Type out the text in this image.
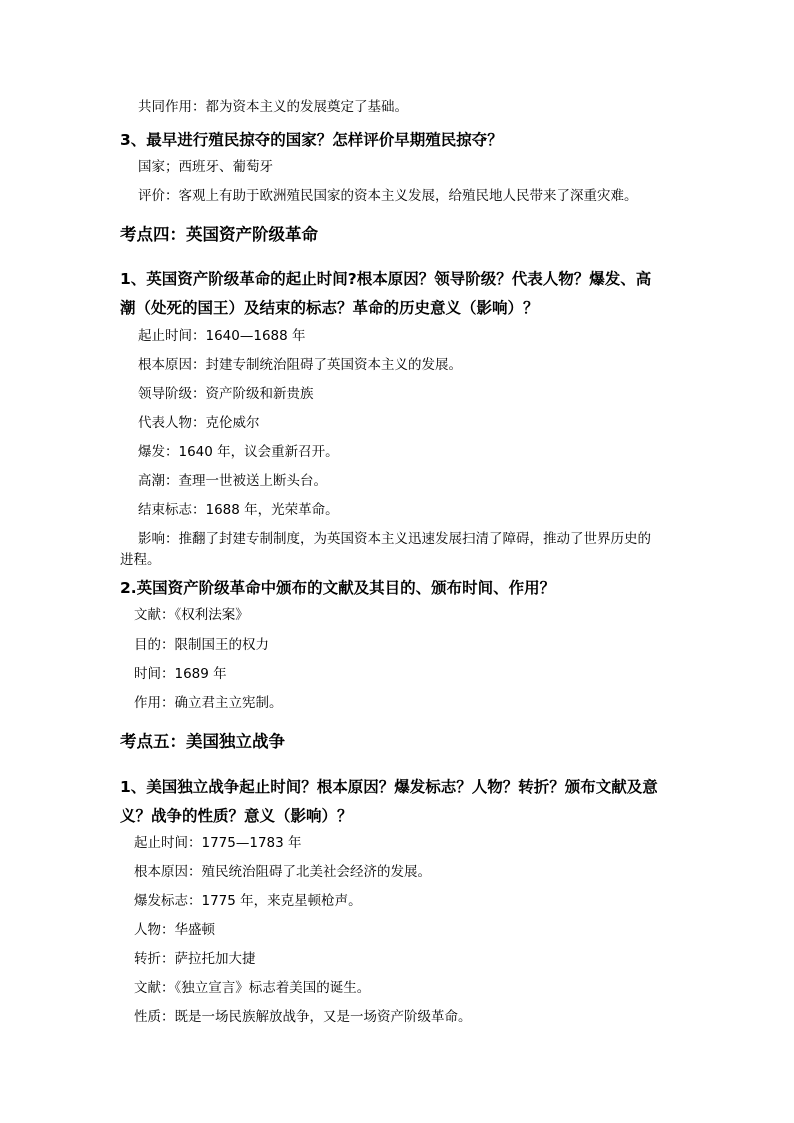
共同作用：都为资本主义的发展奠定了基础。
3、最早进行殖民掠夺的国家？怎样评价早期殖民掠夺？
国家；西班牙、葡萄牙
评价：客观上有助于欧洲殖民国家的资本主义发展，给殖民地人民带来了深重灾难。
考点四：英国资产阶级革命
1、英国资产阶级革命的起止时间?根本原因？领导阶级？代表人物？爆发、高
潮（处死的国王）及结束的标志？革命的历史意义（影响）？
起止时间：1640—1688 年
根本原因：封建专制统治阻碍了英国资本主义的发展。
领导阶级：资产阶级和新贵族
代表人物：克伦威尔
爆发：1640 年，议会重新召开。
高潮：查理一世被送上断头台。
结束标志：1688 年，光荣革命。
影响：推翻了封建专制制度，为英国资本主义迅速发展扫清了障碍，推动了世界历史的
进程。
2.英国资产阶级革命中颁布的文献及其目的、颁布时间、作用？
文献：《权利法案》
目的：限制国王的权力
时间：1689 年
作用：确立君主立宪制。
考点五：美国独立战争
1、美国独立战争起止时间？根本原因？爆发标志？人物？转折？颁布文献及意
义？战争的性质？意义（影响）？
起止时间：1775—1783 年
根本原因：殖民统治阻碍了北美社会经济的发展。
爆发标志：1775 年，来克星顿枪声。
人物：华盛顿
转折：萨拉托加大捷
文献：《独立宣言》标志着美国的诞生。
性质：既是一场民族解放战争，又是一场资产阶级革命。
